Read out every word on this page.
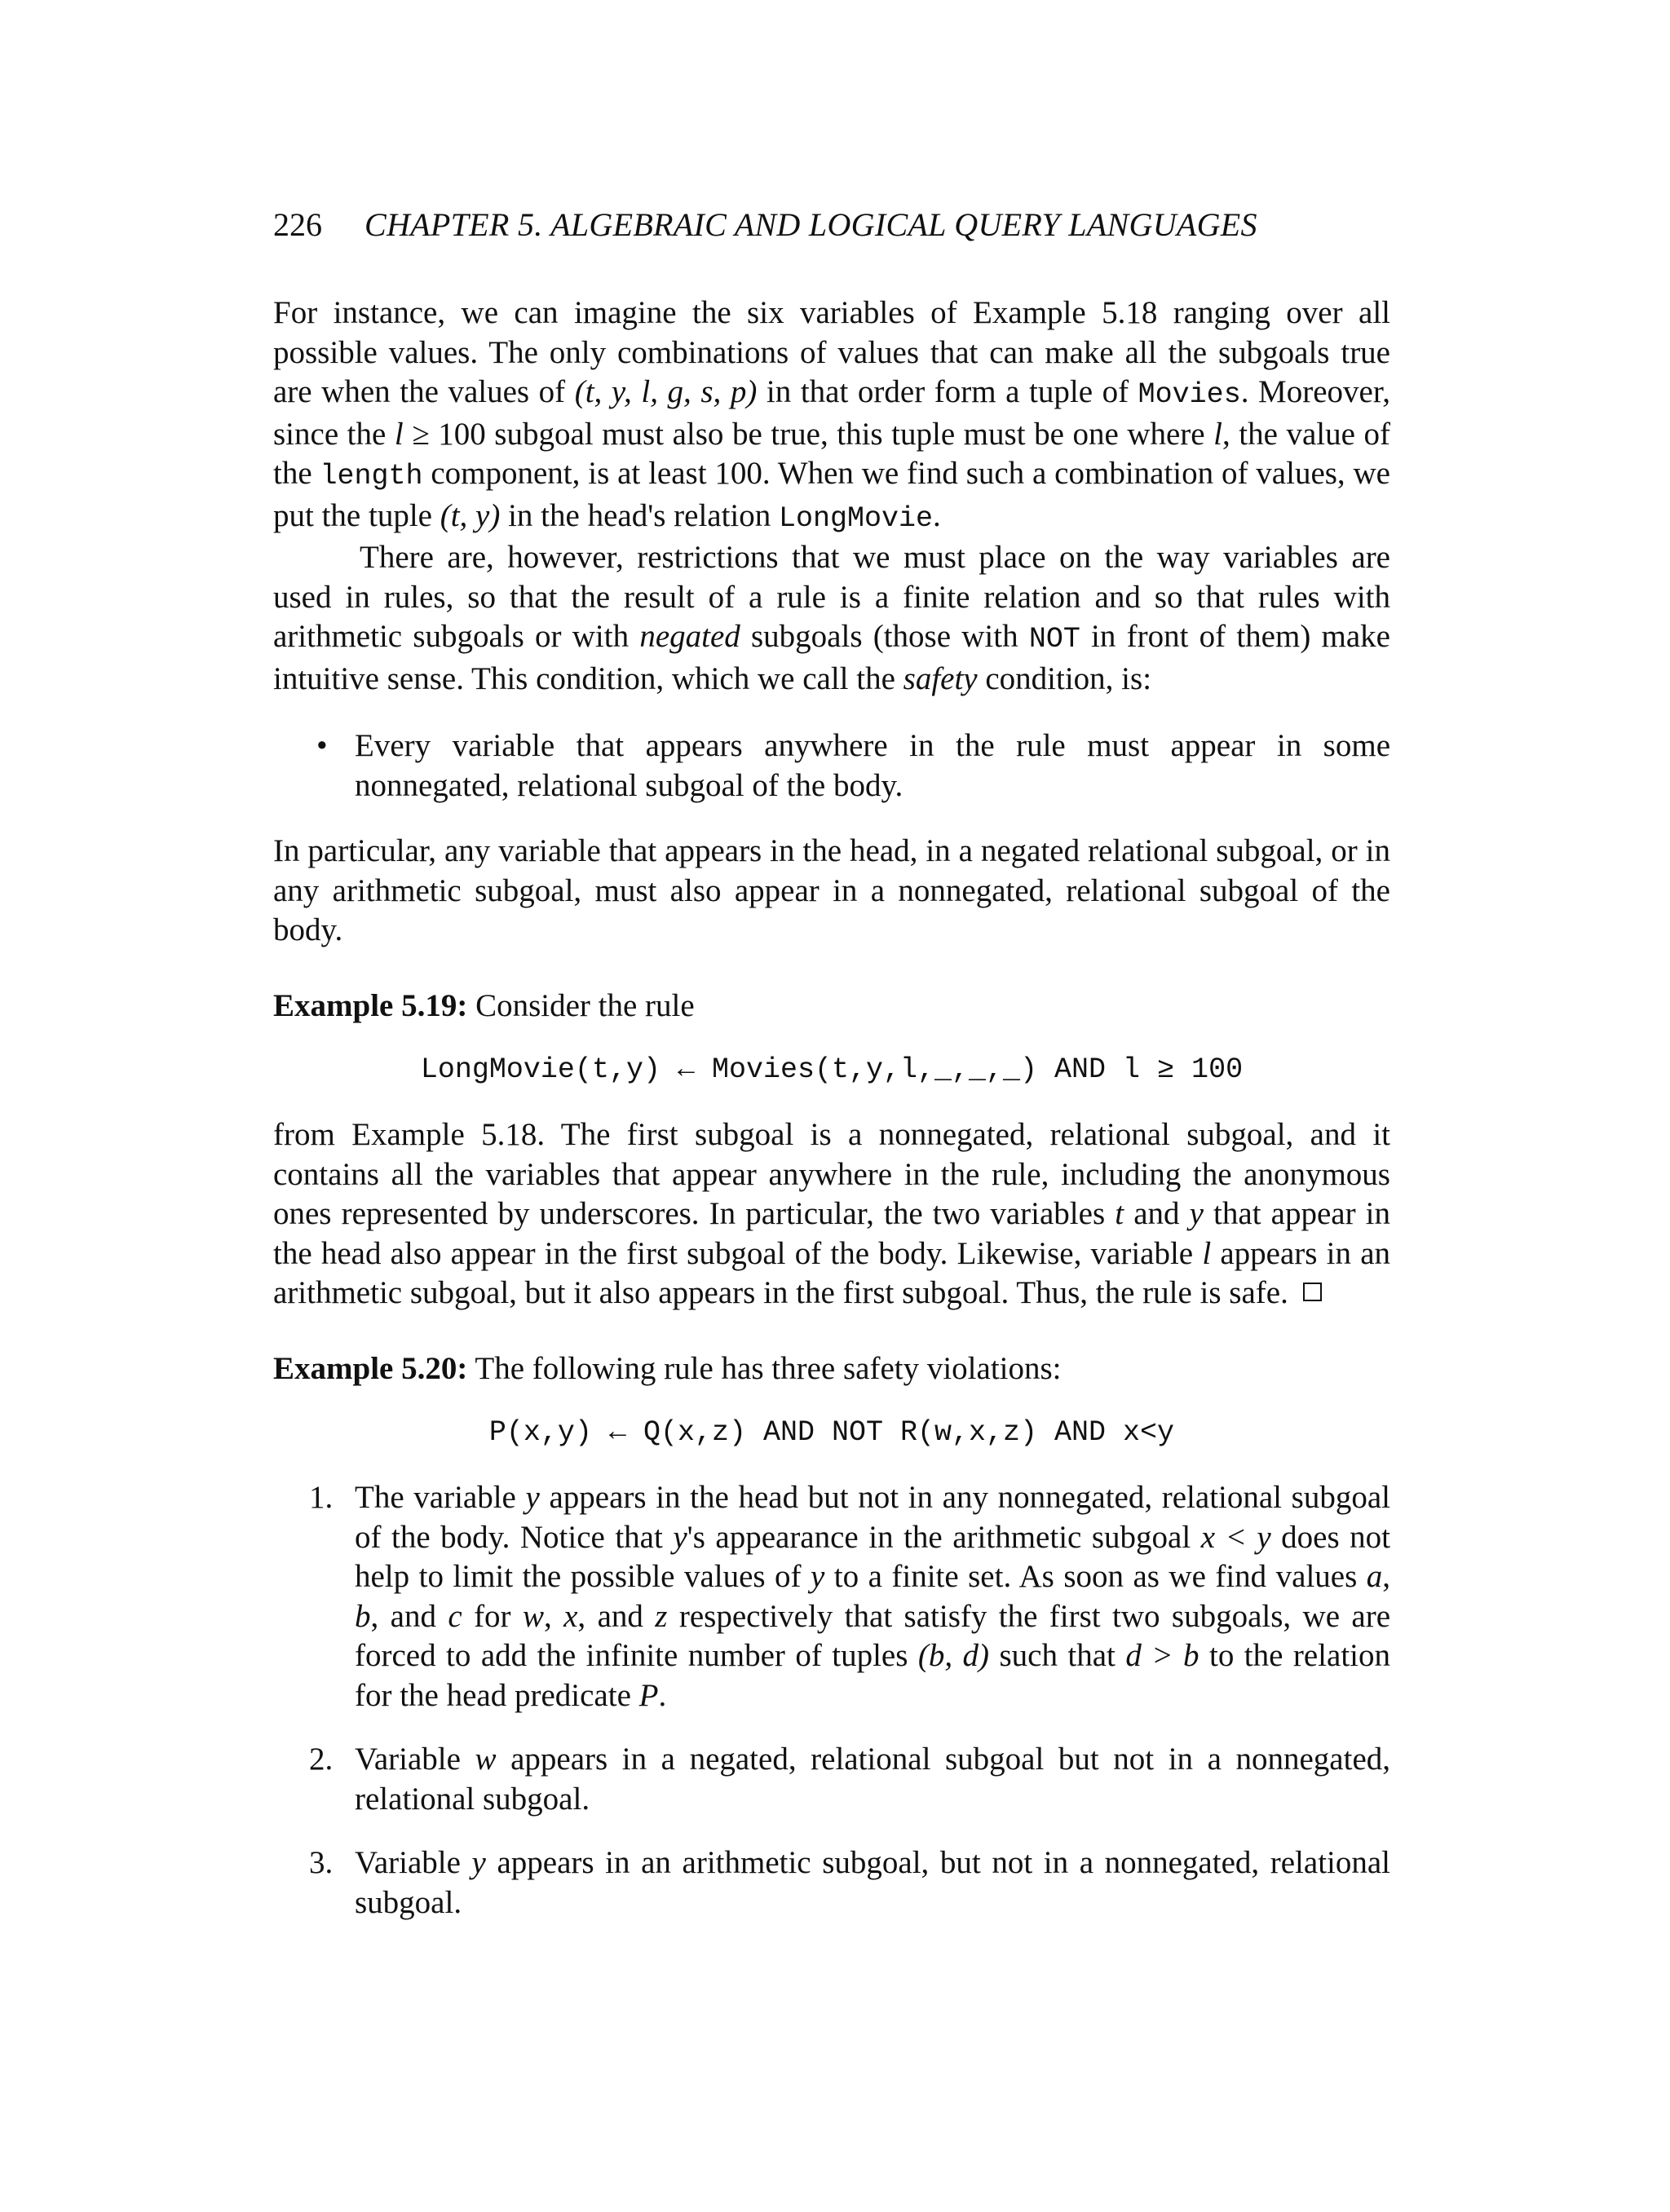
226 CHAPTER 5. ALGEBRAIC AND LOGICAL QUERY LANGUAGES

For instance, we can imagine the six variables of Example 5.18 ranging over all possible values. The only combinations of values that can make all the subgoals true are when the values of (t, y, l, g, s, p) in that order form a tuple of Movies. Moreover, since the l ≥ 100 subgoal must also be true, this tuple must be one where l, the value of the length component, is at least 100. When we find such a combination of values, we put the tuple (t, y) in the head's relation LongMovie.

There are, however, restrictions that we must place on the way variables are used in rules, so that the result of a rule is a finite relation and so that rules with arithmetic subgoals or with negated subgoals (those with NOT in front of them) make intuitive sense. This condition, which we call the safety condition, is:

• Every variable that appears anywhere in the rule must appear in some nonnegated, relational subgoal of the body.

In particular, any variable that appears in the head, in a negated relational subgoal, or in any arithmetic subgoal, must also appear in a nonnegated, relational subgoal of the body.

Example 5.19: Consider the rule

LongMovie(t,y) ← Movies(t,y,l,_,_,_) AND l ≥ 100

from Example 5.18. The first subgoal is a nonnegated, relational subgoal, and it contains all the variables that appear anywhere in the rule, including the anonymous ones represented by underscores. In particular, the two variables t and y that appear in the head also appear in the first subgoal of the body. Likewise, variable l appears in an arithmetic subgoal, but it also appears in the first subgoal. Thus, the rule is safe.

Example 5.20: The following rule has three safety violations:

P(x,y) ← Q(x,z) AND NOT R(w,x,z) AND x<y
1. The variable y appears in the head but not in any nonnegated, relational subgoal of the body. Notice that y's appearance in the arithmetic subgoal x < y does not help to limit the possible values of y to a finite set. As soon as we find values a, b, and c for w, x, and z respectively that satisfy the first two subgoals, we are forced to add the infinite number of tuples (b, d) such that d > b to the relation for the head predicate P.
2. Variable w appears in a negated, relational subgoal but not in a nonnegated, relational subgoal.
3. Variable y appears in an arithmetic subgoal, but not in a nonnegated, relational subgoal.
